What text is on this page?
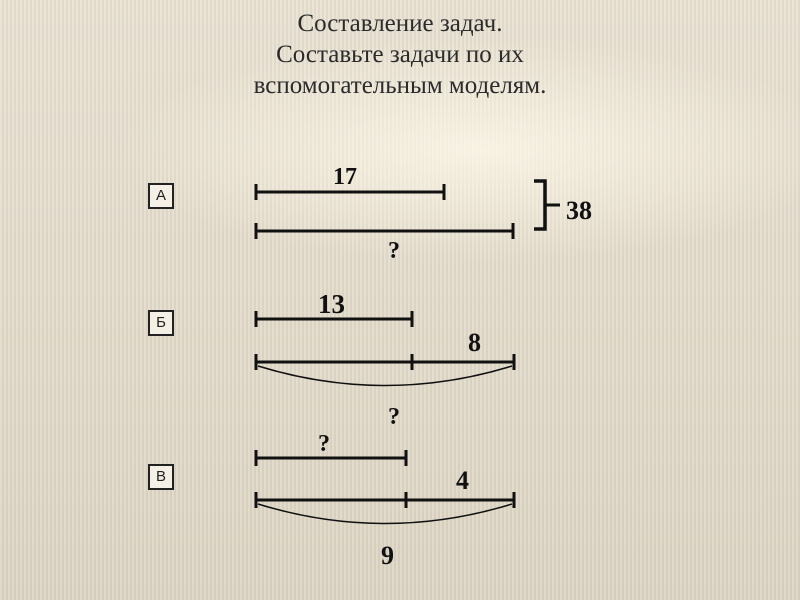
Составление задач.
Составьте задачи по их
вспомогательным моделям.
А
Б
В
17
?
38
13
8
?
?
4
9
